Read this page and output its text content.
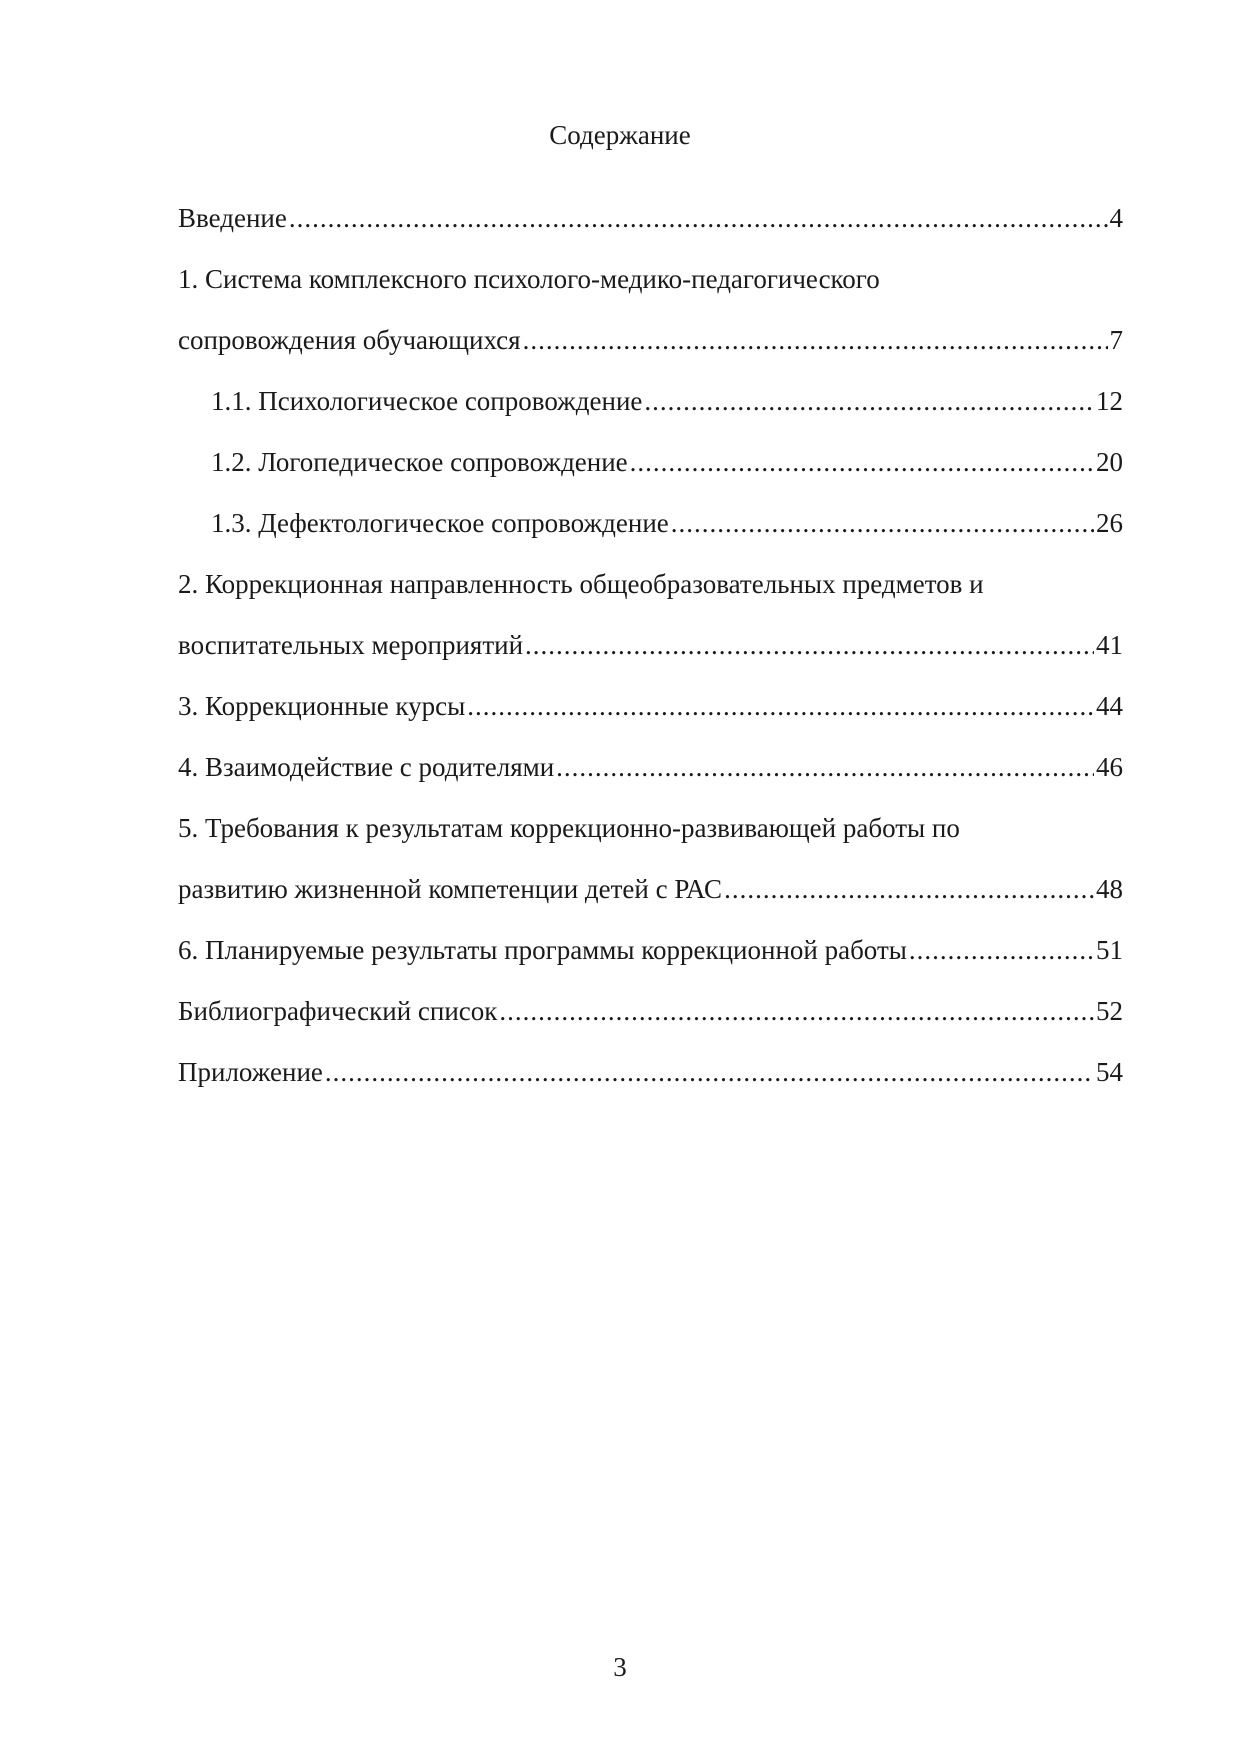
Содержание
Введение .....	4
1. Система комплексного психолого-медико-педагогического
сопровождения обучающихся .....	7
1.1. Психологическое сопровождение .....	12
1.2. Логопедическое сопровождение .....	20
1.3. Дефектологическое сопровождение .....	26
2. Коррекционная направленность общеобразовательных предметов и
воспитательных мероприятий .....	41
3. Коррекционные курсы .....	44
4. Взаимодействие с родителями .....	46
5. Требования к результатам коррекционно-развивающей работы по
развитию жизненной компетенции детей с РАС .....	48
6. Планируемые результаты программы коррекционной работы .....	51
Библиографический список .....	52
Приложение .....	54
3
